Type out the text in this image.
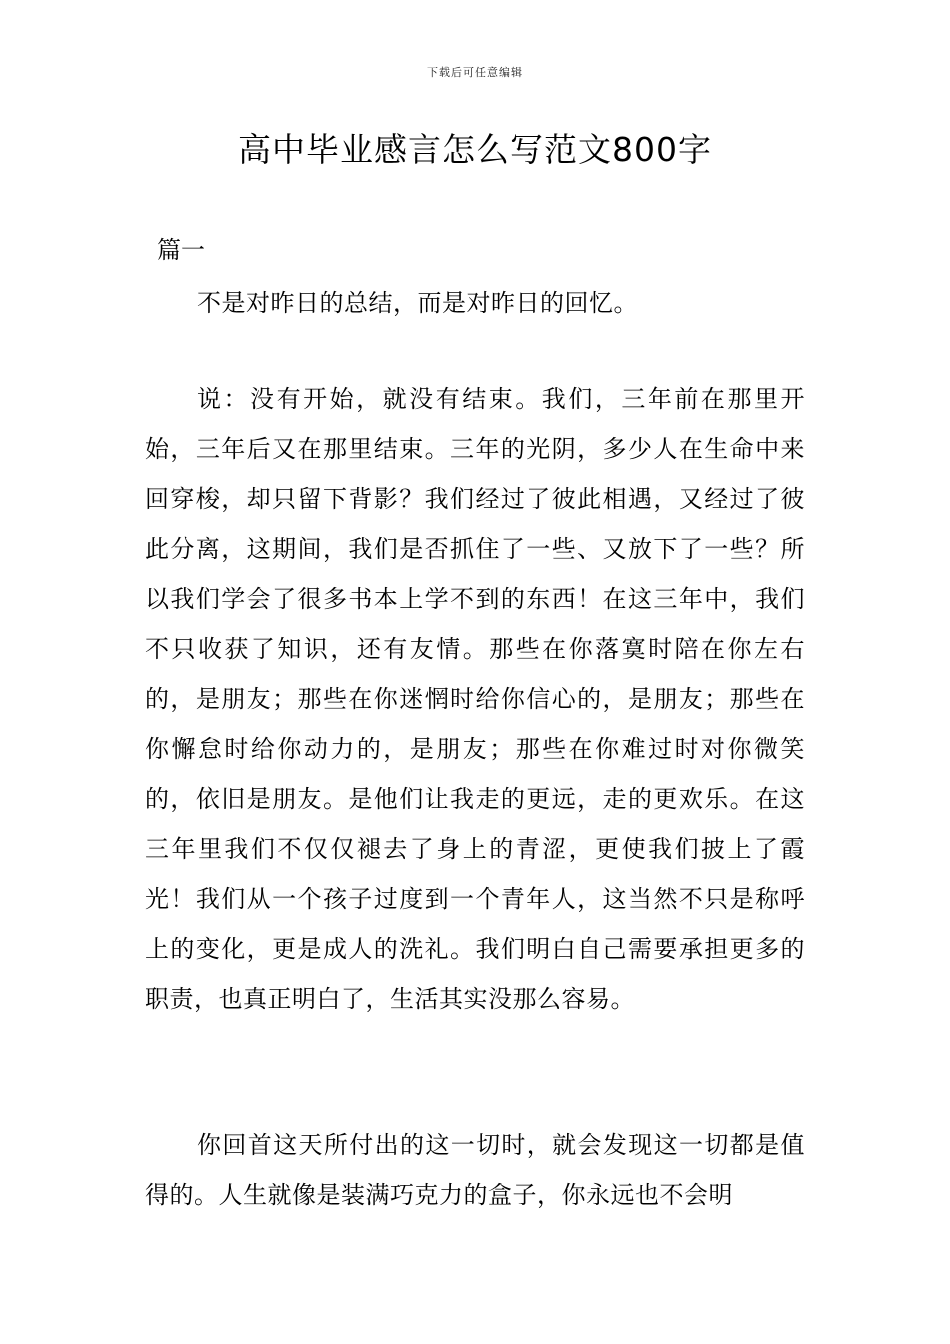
下载后可任意编辑
高中毕业感言怎么写范文800字

篇一

不是对昨日的总结，而是对昨日的回忆。

说：没有开始，就没有结束。我们，三年前在那里开始，三年后又在那里结束。三年的光阴，多少人在生命中来回穿梭，却只留下背影？我们经过了彼此相遇，又经过了彼此分离，这期间，我们是否抓住了一些、又放下了一些？所以我们学会了很多书本上学不到的东西！在这三年中，我们不只收获了知识，还有友情。那些在你落寞时陪在你左右的，是朋友；那些在你迷惘时给你信心的，是朋友；那些在你懈怠时给你动力的，是朋友；那些在你难过时对你微笑的，依旧是朋友。是他们让我走的更远，走的更欢乐。在这三年里我们不仅仅褪去了身上的青涩，更使我们披上了霞光！我们从一个孩子过度到一个青年人，这当然不只是称呼上的变化，更是成人的洗礼。我们明白自己需要承担更多的职责，也真正明白了，生活其实没那么容易。

你回首这天所付出的这一切时，就会发现这一切都是值得的。人生就像是装满巧克力的盒子，你永远也不会明
